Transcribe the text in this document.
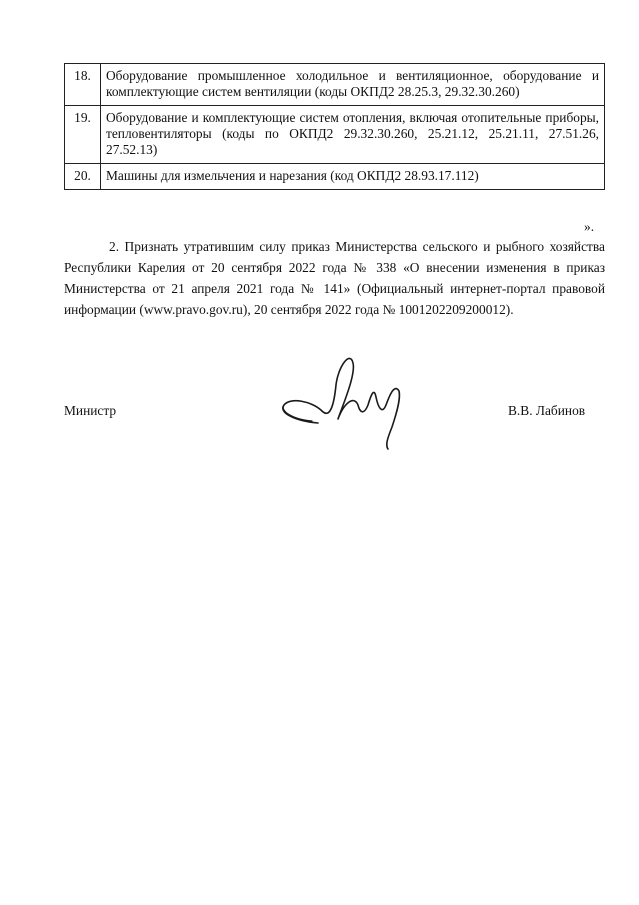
18.	Оборудование промышленное холодильное и вентиляционное, оборудование и комплектующие систем вентиляции (коды ОКПД2 28.25.3, 29.32.30.260)
19.	Оборудование и комплектующие систем отопления, включая отопительные приборы, тепловентиляторы (коды по ОКПД2 29.32.30.260, 25.21.12, 25.21.11, 27.51.26, 27.52.13)
20.	Машины для измельчения и нарезания (код ОКПД2 28.93.17.112)
».

2. Признать утратившим силу приказ Министерства сельского и рыбного хозяйства Республики Карелия от 20 сентября 2022 года № 338 «О внесении изменения в приказ Министерства от 21 апреля 2021 года № 141» (Официальный интернет-портал правовой информации (www.pravo.gov.ru), 20 сентября 2022 года № 1001202209200012).

Министр	В.В. Лабинов
